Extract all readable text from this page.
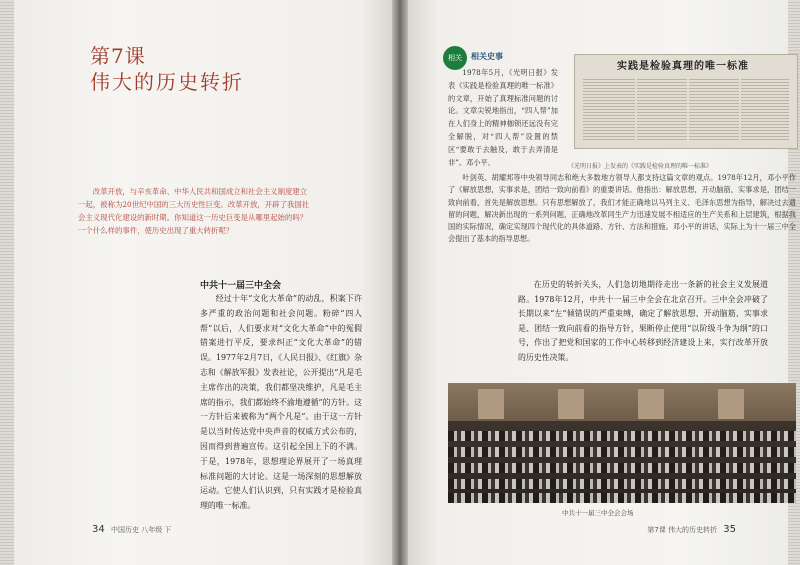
第7课
伟大的历史转折

改革开放，与辛亥革命、中华人民共和国成立和社会主义制度建立一起，被称为20世纪中国的三大历史性巨变。改革开放，开辟了我国社会主义现代化建设的新时期。你知道这一历史巨变是从哪里起始的吗？一个什么样的事件，使历史出现了重大转折呢？

中共十一届三中全会

经过十年“文化大革命”的动乱，积案下许多严重的政治问题和社会问题。粉碎“四人帮”以后，人们要求对“文化大革命”中的冤假错案进行平反，要求纠正“文化大革命”的错误。1977年2月7日，《人民日报》、《红旗》杂志和《解放军报》发表社论，公开提出“凡是毛主席作出的决策，我们都坚决维护，凡是毛主席的指示，我们都始终不渝地遵循”的方针。这一方针后来被称为“两个凡是”。由于这一方针是以当时传达党中央声音的权威方式公布的，因而得到普遍宣传。这引起全国上下的不满。于是，1978年，思想理论界展开了一场真理标准问题的大讨论。这是一场深刻的思想解放运动。它使人们认识到，只有实践才是检验真理的唯一标准。

34 中国历史 八年级 下
相关	相关史事
实践是检验真理的唯一标准

1978年5月，《光明日报》发表《实践是检验真理的唯一标准》的文章，开始了真理标准问题的讨论。文章尖锐地指出，“四人帮”加在人们身上的精神枷锁还远没有完全解脱，对“四人帮”设置的禁区“要敢于去触及，敢于去弄清是非”。邓小平、	《光明日报》上发表的《实践是检验真理的唯一标准》

叶剑英、胡耀邦等中央领导同志和绝大多数地方领导人都支持这篇文章的观点。1978年12月，邓小平作了《解放思想，实事求是，团结一致向前看》的重要讲话。他指出：解放思想，开动脑筋，实事求是，团结一致向前看，首先是解放思想。只有思想解放了，我们才能正确地以马列主义、毛泽东思想为指导，解决过去遗留的问题，解决新出现的一系列问题，正确地改革同生产力迅速发展不相适应的生产关系和上层建筑，根据我国的实际情况，确定实现四个现代化的具体道路、方针、方法和措施。邓小平的讲话，实际上为十一届三中全会提出了基本的指导思想。

在历史的转折关头，人们急切地期待走出一条新的社会主义发展道路。1978年12月，中共十一届三中全会在北京召开。三中全会冲破了长期以来“左”倾错误的严重束缚，确定了解放思想、开动脑筋、实事求是、团结一致向前看的指导方针，果断停止使用“以阶级斗争为纲”的口号，作出了把党和国家的工作中心转移到经济建设上来，实行改革开放的历史性决策。

中共十一届三中全会会场
第7课 伟大的历史转折 35
